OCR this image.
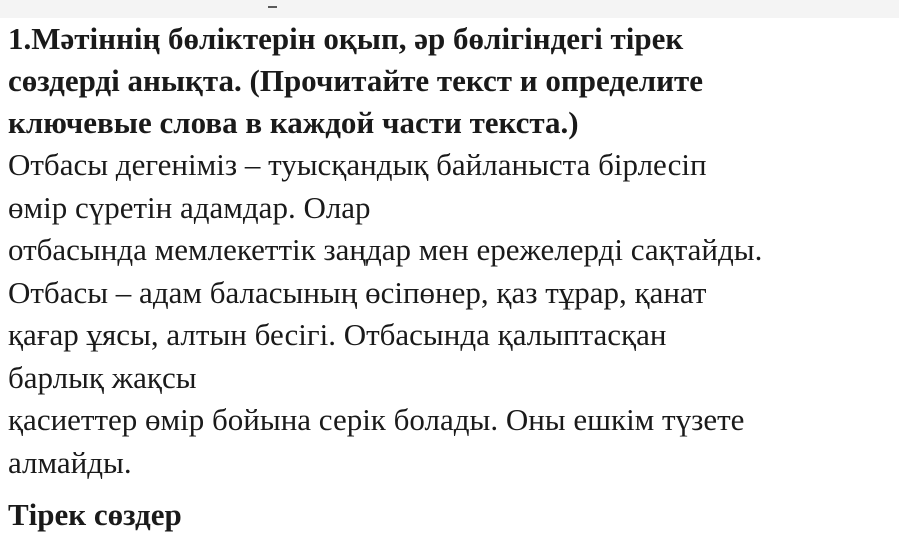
1.Мәтіннің бөліктерін оқып, әр бөлігіндегі тірек

сөздерді анықта. (Прочитайте текст и определите

ключевые слова в каждой части текста.)

Отбасы дегеніміз – туысқандық байланыста бірлесіп

өмір сүретін адамдар. Олар

отбасында мемлекеттік заңдар мен ережелерді сақтайды.

Отбасы – адам баласының өсіпөнер, қаз тұрар, қанат

қағар ұясы, алтын бесігі. Отбасында қалыптасқан

барлық жақсы

қасиеттер өмір бойына серік болады. Оны ешкім түзете

алмайды.

Тірек сөздер
